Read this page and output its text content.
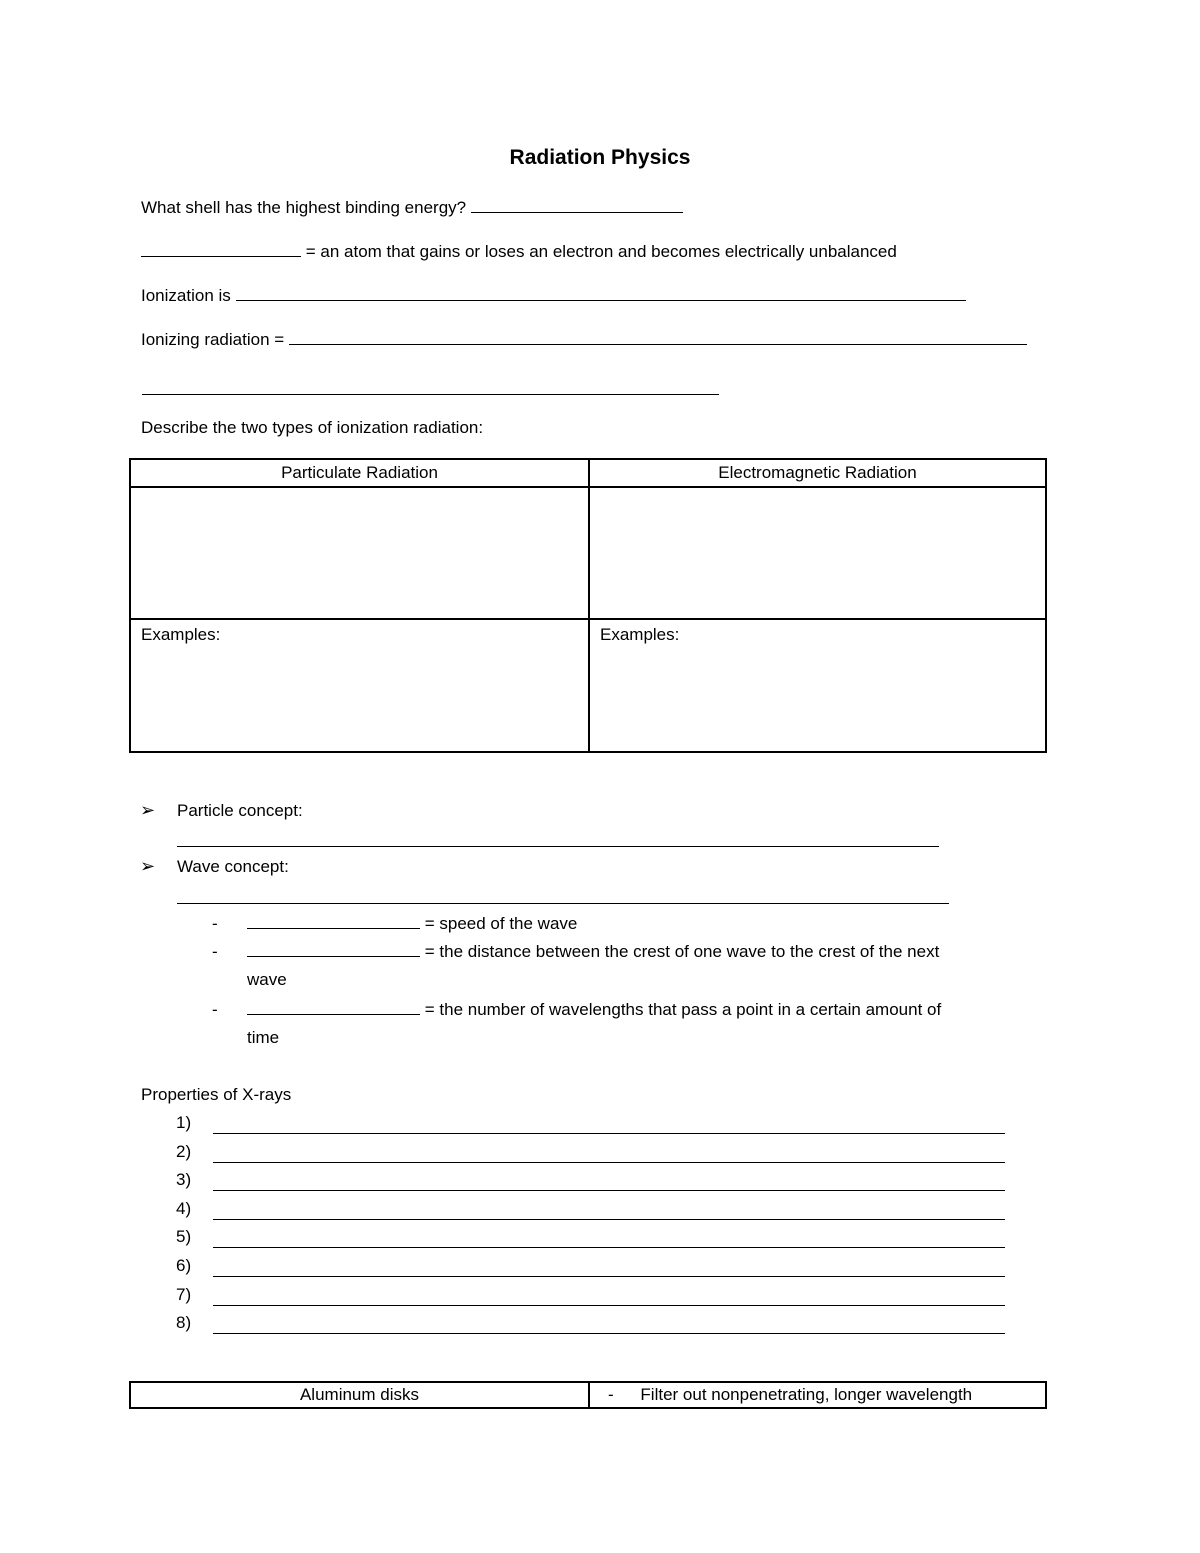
Radiation Physics
What shell has the highest binding energy?
= an atom that gains or loses an electron and becomes electrically unbalanced
Ionization is
Ionizing radiation =
Describe the two types of ionization radiation:
Particulate Radiation	Electromagnetic Radiation

Examples:	Examples:
➢ Particle concept:
➢ Wave concept:
-	= speed of the wave
-	= the distance between the crest of one wave to the crest of the next
wave
-	= the number of wavelengths that pass a point in a certain amount of
time
Properties of X-rays
1)
2)
3)
4)
5)
6)
7)
8)
Aluminum disks	- Filter out nonpenetrating, longer wavelength
